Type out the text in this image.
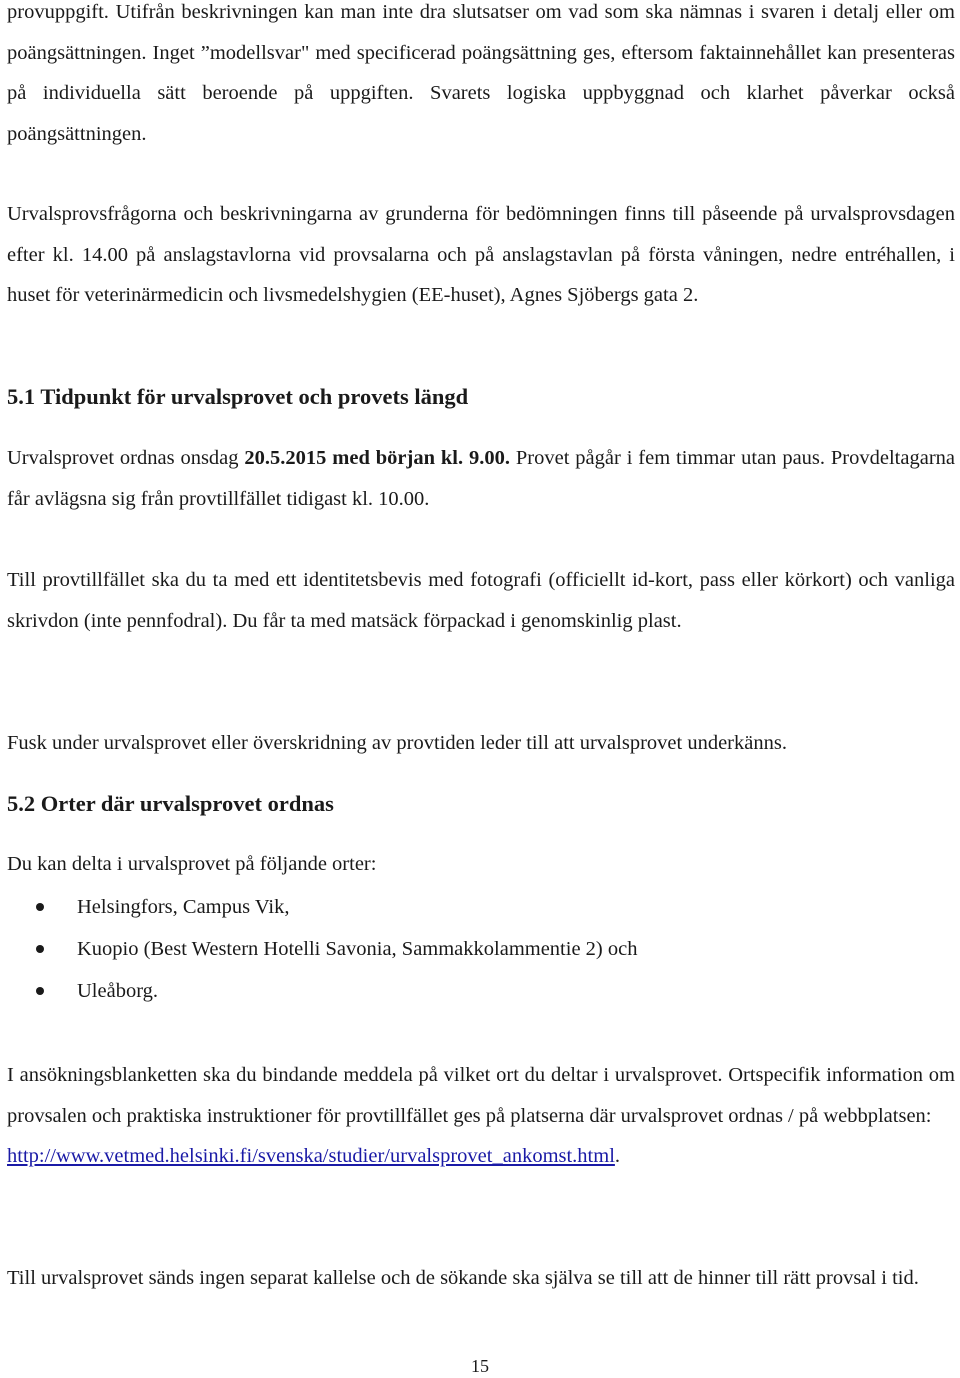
provuppgift. Utifrån beskrivningen kan man inte dra slutsatser om vad som ska nämnas i svaren i detalj eller om poängsättningen. Inget ”modellsvar" med specificerad poängsättning ges, eftersom faktainnehållet kan presenteras på individuella sätt beroende på uppgiften. Svarets logiska uppbyggnad och klarhet påverkar också poängsättningen.

Urvalsprovsfrågorna och beskrivningarna av grunderna för bedömningen finns till påseende på urvalsprovsdagen efter kl. 14.00 på anslagstavlorna vid provsalarna och på anslagstavlan på första våningen, nedre entréhallen, i huset för veterinärmedicin och livsmedelshygien (EE-huset), Agnes Sjöbergs gata 2.

5.1 Tidpunkt för urvalsprovet och provets längd

Urvalsprovet ordnas onsdag 20.5.2015 med början kl. 9.00. Provet pågår i fem timmar utan paus. Provdeltagarna får avlägsna sig från provtillfället tidigast kl. 10.00.

Till provtillfället ska du ta med ett identitetsbevis med fotografi (officiellt id-kort, pass eller körkort) och vanliga skrivdon (inte pennfodral). Du får ta med matsäck förpackad i genomskinlig plast.

Fusk under urvalsprovet eller överskridning av provtiden leder till att urvalsprovet underkänns.

5.2 Orter där urvalsprovet ordnas

Du kan delta i urvalsprovet på följande orter:

Helsingfors, Campus Vik,
Kuopio (Best Western Hotelli Savonia, Sammakkolammentie 2) och
Uleåborg.

I ansökningsblanketten ska du bindande meddela på vilket ort du deltar i urvalsprovet. Ortspecifik information om provsalen och praktiska instruktioner för provtillfället ges på platserna där urvalsprovet ordnas / på webbplatsen:
http://www.vetmed.helsinki.fi/svenska/studier/urvalsprovet_ankomst.html.

Till urvalsprovet sänds ingen separat kallelse och de sökande ska själva se till att de hinner till rätt provsal i tid.

15
